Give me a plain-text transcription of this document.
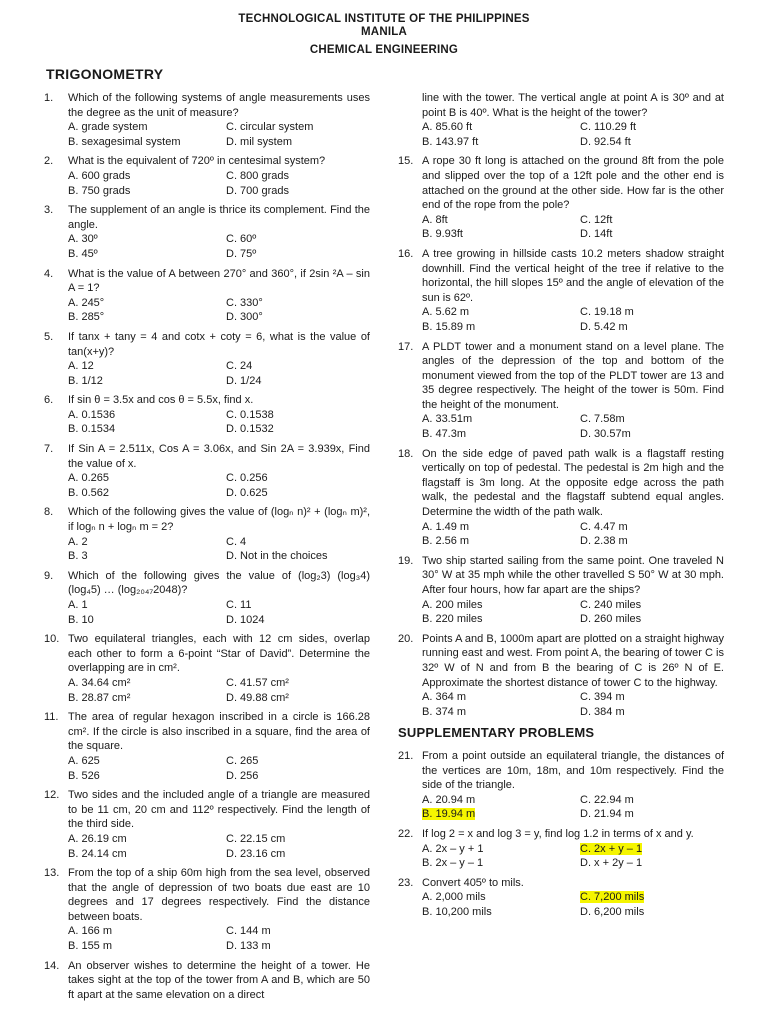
TECHNOLOGICAL INSTITUTE OF THE PHILIPPINES
MANILA
CHEMICAL ENGINEERING
TRIGONOMETRY
1. Which of the following systems of angle measurements uses the degree as the unit of measure?
A. grade system	C. circular system
B. sexagesimal system	D. mil system
2. What is the equivalent of 720º in centesimal system?
A. 600 grads	C. 800 grads
B. 750 grads	D. 700 grads
3. The supplement of an angle is thrice its complement. Find the angle.
A. 30º	C. 60º
B. 45º	D. 75º
4. What is the value of A between 270° and 360°, if 2sin ²A – sin A = 1?
A. 245°	C. 330°
B. 285°	D. 300°
5. If tanx + tany = 4 and cotx + coty = 6, what is the value of tan(x+y)?
A. 12	C. 24
B. 1/12	D. 1/24
6. If sin θ = 3.5x and cos θ = 5.5x, find x.
A. 0.1536	C. 0.1538
B. 0.1534	D. 0.1532
7. If Sin A = 2.511x, Cos A = 3.06x, and Sin 2A = 3.939x, Find the value of x.
A. 0.265	C. 0.256
B. 0.562	D. 0.625
8. Which of the following gives the value of (logₙ n)² + (logₙ m)², if logₙ n + logₙ m = 2?
A. 2	C. 4
B. 3	D. Not in the choices
9. Which of the following gives the value of (log₂3) (log₃4) (log₄5) … (log₂₀₄₇2048)?
A. 1	C. 11
B. 10	D. 1024
10. Two equilateral triangles, each with 12 cm sides, overlap each other to form a 6-point “Star of David”. Determine the overlapping are in cm².
A. 34.64 cm²	C. 41.57 cm²
B. 28.87 cm²	D. 49.88 cm²
11. The area of regular hexagon inscribed in a circle is 166.28 cm². If the circle is also inscribed in a square, find the area of the square.
A. 625	C. 265
B. 526	D. 256
12. Two sides and the included angle of a triangle are measured to be 11 cm, 20 cm and 112º respectively. Find the length of the third side.
A. 26.19 cm	C. 22.15 cm
B. 24.14 cm	D. 23.16 cm
13. From the top of a ship 60m high from the sea level, observed that the angle of depression of two boats due east are 10 degrees and 17 degrees respectively. Find the distance between boats.
A. 166 m	C. 144 m
B. 155 m	D. 133 m
14. An observer wishes to determine the height of a tower. He takes sight at the top of the tower from A and B, which are 50 ft apart at the same elevation on a direct
line with the tower. The vertical angle at point A is 30º and at point B is 40º. What is the height of the tower?
A. 85.60 ft	C. 110.29 ft
B. 143.97 ft	D. 92.54 ft
15. A rope 30 ft long is attached on the ground 8ft from the pole and slipped over the top of a 12ft pole and the other end is attached on the ground at the other side. How far is the other end of the rope from the pole?
A. 8ft	C. 12ft
B. 9.93ft	D. 14ft
16. A tree growing in hillside casts 10.2 meters shadow straight downhill. Find the vertical height of the tree if relative to the horizontal, the hill slopes 15º and the angle of elevation of the sun is 62º.
A. 5.62 m	C. 19.18 m
B. 15.89 m	D. 5.42 m
17. A PLDT tower and a monument stand on a level plane. The angles of the depression of the top and bottom of the monument viewed from the top of the PLDT tower are 13 and 35 degree respectively. The height of the tower is 50m. Find the height of the monument.
A. 33.51m	C. 7.58m
B. 47.3m	D. 30.57m
18. On the side edge of paved path walk is a flagstaff resting vertically on top of pedestal. The pedestal is 2m high and the flagstaff is 3m long. At the opposite edge across the path walk, the pedestal and the flagstaff subtend equal angles. Determine the width of the path walk.
A. 1.49 m	C. 4.47 m
B. 2.56 m	D. 2.38 m
19. Two ship started sailing from the same point. One traveled N 30° W at 35 mph while the other travelled S 50° W at 30 mph. After four hours, how far apart are the ships?
A. 200 miles	C. 240 miles
B. 220 miles	D. 260 miles
20. Points A and B, 1000m apart are plotted on a straight highway running east and west. From point A, the bearing of tower C is 32º W of N and from B the bearing of C is 26º N of E. Approximate the shortest distance of tower C to the highway.
A. 364 m	C. 394 m
B. 374 m	D. 384 m
SUPPLEMENTARY PROBLEMS
21. From a point outside an equilateral triangle, the distances of the vertices are 10m, 18m, and 10m respectively. Find the side of the triangle.
A. 20.94 m	C. 22.94 m
B. 19.94 m	D. 21.94 m
22. If log 2 = x and log 3 = y, find log 1.2 in terms of x and y.
A. 2x – y + 1	C. 2x + y – 1
B. 2x – y – 1	D. x + 2y – 1
23. Convert 405º to mils.
A. 2,000 mils	C. 7,200 mils
B. 10,200 mils	D. 6,200 mils
